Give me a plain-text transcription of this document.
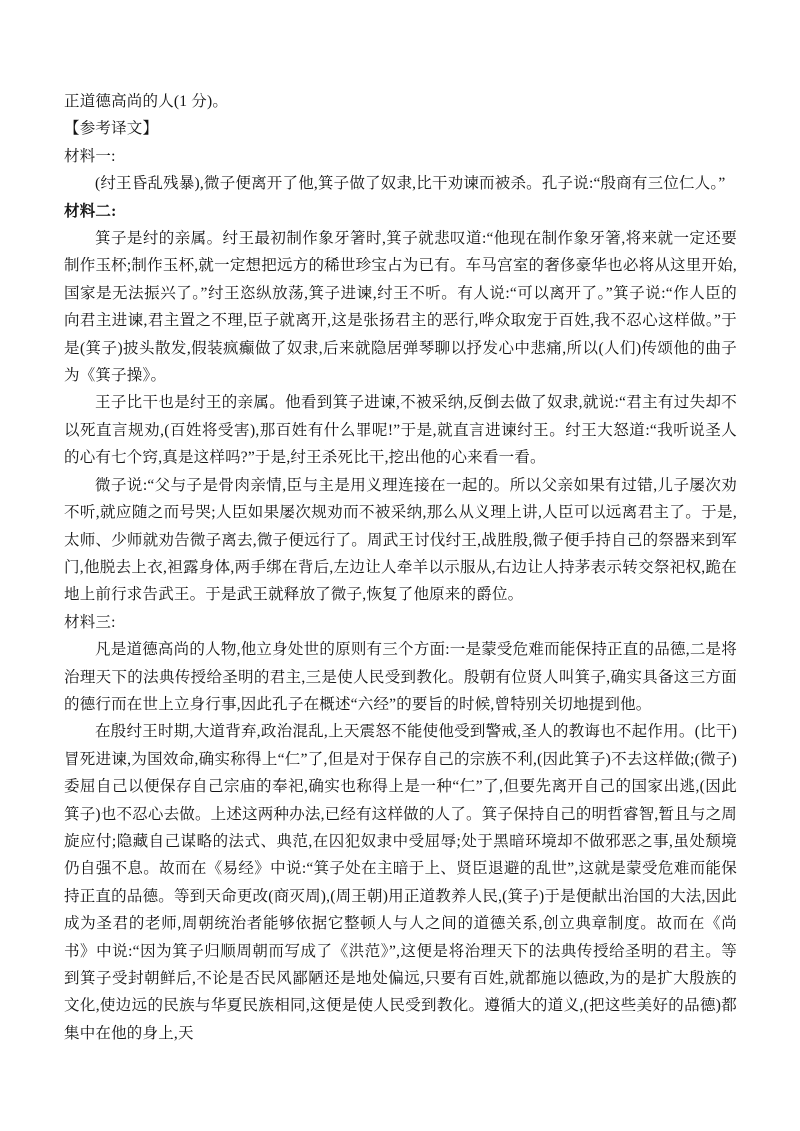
正道德高尚的人(1 分)。

【参考译文】

材料一:

(纣王昏乱残暴),微子便离开了他,箕子做了奴隶,比干劝谏而被杀。孔子说:“殷商有三位仁人。”

材料二:

箕子是纣的亲属。纣王最初制作象牙箸时,箕子就悲叹道:“他现在制作象牙箸,将来就一定还要制作玉杯;制作玉杯,就一定想把远方的稀世珍宝占为已有。车马宫室的奢侈豪华也必将从这里开始,国家是无法振兴了。”纣王恣纵放荡,箕子进谏,纣王不听。有人说:“可以离开了。”箕子说:“作人臣的向君主进谏,君主置之不理,臣子就离开,这是张扬君主的恶行,哗众取宠于百姓,我不忍心这样做。”于是(箕子)披头散发,假装疯癫做了奴隶,后来就隐居弹琴聊以抒发心中悲痛,所以(人们)传颂他的曲子为《箕子操》。

王子比干也是纣王的亲属。他看到箕子进谏,不被采纳,反倒去做了奴隶,就说:“君主有过失却不以死直言规劝,(百姓将受害),那百姓有什么罪呢!”于是,就直言进谏纣王。纣王大怒道:“我听说圣人的心有七个窍,真是这样吗?”于是,纣王杀死比干,挖出他的心来看一看。

微子说:“父与子是骨肉亲情,臣与主是用义理连接在一起的。所以父亲如果有过错,儿子屡次劝不听,就应随之而号哭;人臣如果屡次规劝而不被采纳,那么从义理上讲,人臣可以远离君主了。于是,太师、少师就劝告微子离去,微子便远行了。周武王讨伐纣王,战胜殷,微子便手持自己的祭器来到军门,他脱去上衣,袒露身体,两手绑在背后,左边让人牵羊以示服从,右边让人持茅表示转交祭祀权,跪在地上前行求告武王。于是武王就释放了微子,恢复了他原来的爵位。

材料三:

凡是道德高尚的人物,他立身处世的原则有三个方面:一是蒙受危难而能保持正直的品德,二是将治理天下的法典传授给圣明的君主,三是使人民受到教化。殷朝有位贤人叫箕子,确实具备这三方面的德行而在世上立身行事,因此孔子在概述“六经”的要旨的时候,曾特别关切地提到他。

在殷纣王时期,大道背弃,政治混乱,上天震怒不能使他受到警戒,圣人的教诲也不起作用。(比干)冒死进谏,为国效命,确实称得上“仁”了,但是对于保存自己的宗族不利,(因此箕子)不去这样做;(微子)委屈自己以便保存自己宗庙的奉祀,确实也称得上是一种“仁”了,但要先离开自己的国家出逃,(因此箕子)也不忍心去做。上述这两种办法,已经有这样做的人了。箕子保持自己的明哲睿智,暂且与之周旋应付;隐藏自己谋略的法式、典范,在囚犯奴隶中受屈辱;处于黑暗环境却不做邪恶之事,虽处颓境仍自强不息。故而在《易经》中说:“箕子处在主暗于上、贤臣退避的乱世”,这就是蒙受危难而能保持正直的品德。等到天命更改(商灭周),(周王朝)用正道教养人民,(箕子)于是便献出治国的大法,因此成为圣君的老师,周朝统治者能够依据它整顿人与人之间的道德关系,创立典章制度。故而在《尚书》中说:“因为箕子归顺周朝而写成了《洪范》”,这便是将治理天下的法典传授给圣明的君主。等到箕子受封朝鲜后,不论是否民风鄙陋还是地处偏远,只要有百姓,就都施以德政,为的是扩大殷族的文化,使边远的民族与华夏民族相同,这便是使人民受到教化。遵循大的道义,(把这些美好的品德)都集中在他的身上,天
